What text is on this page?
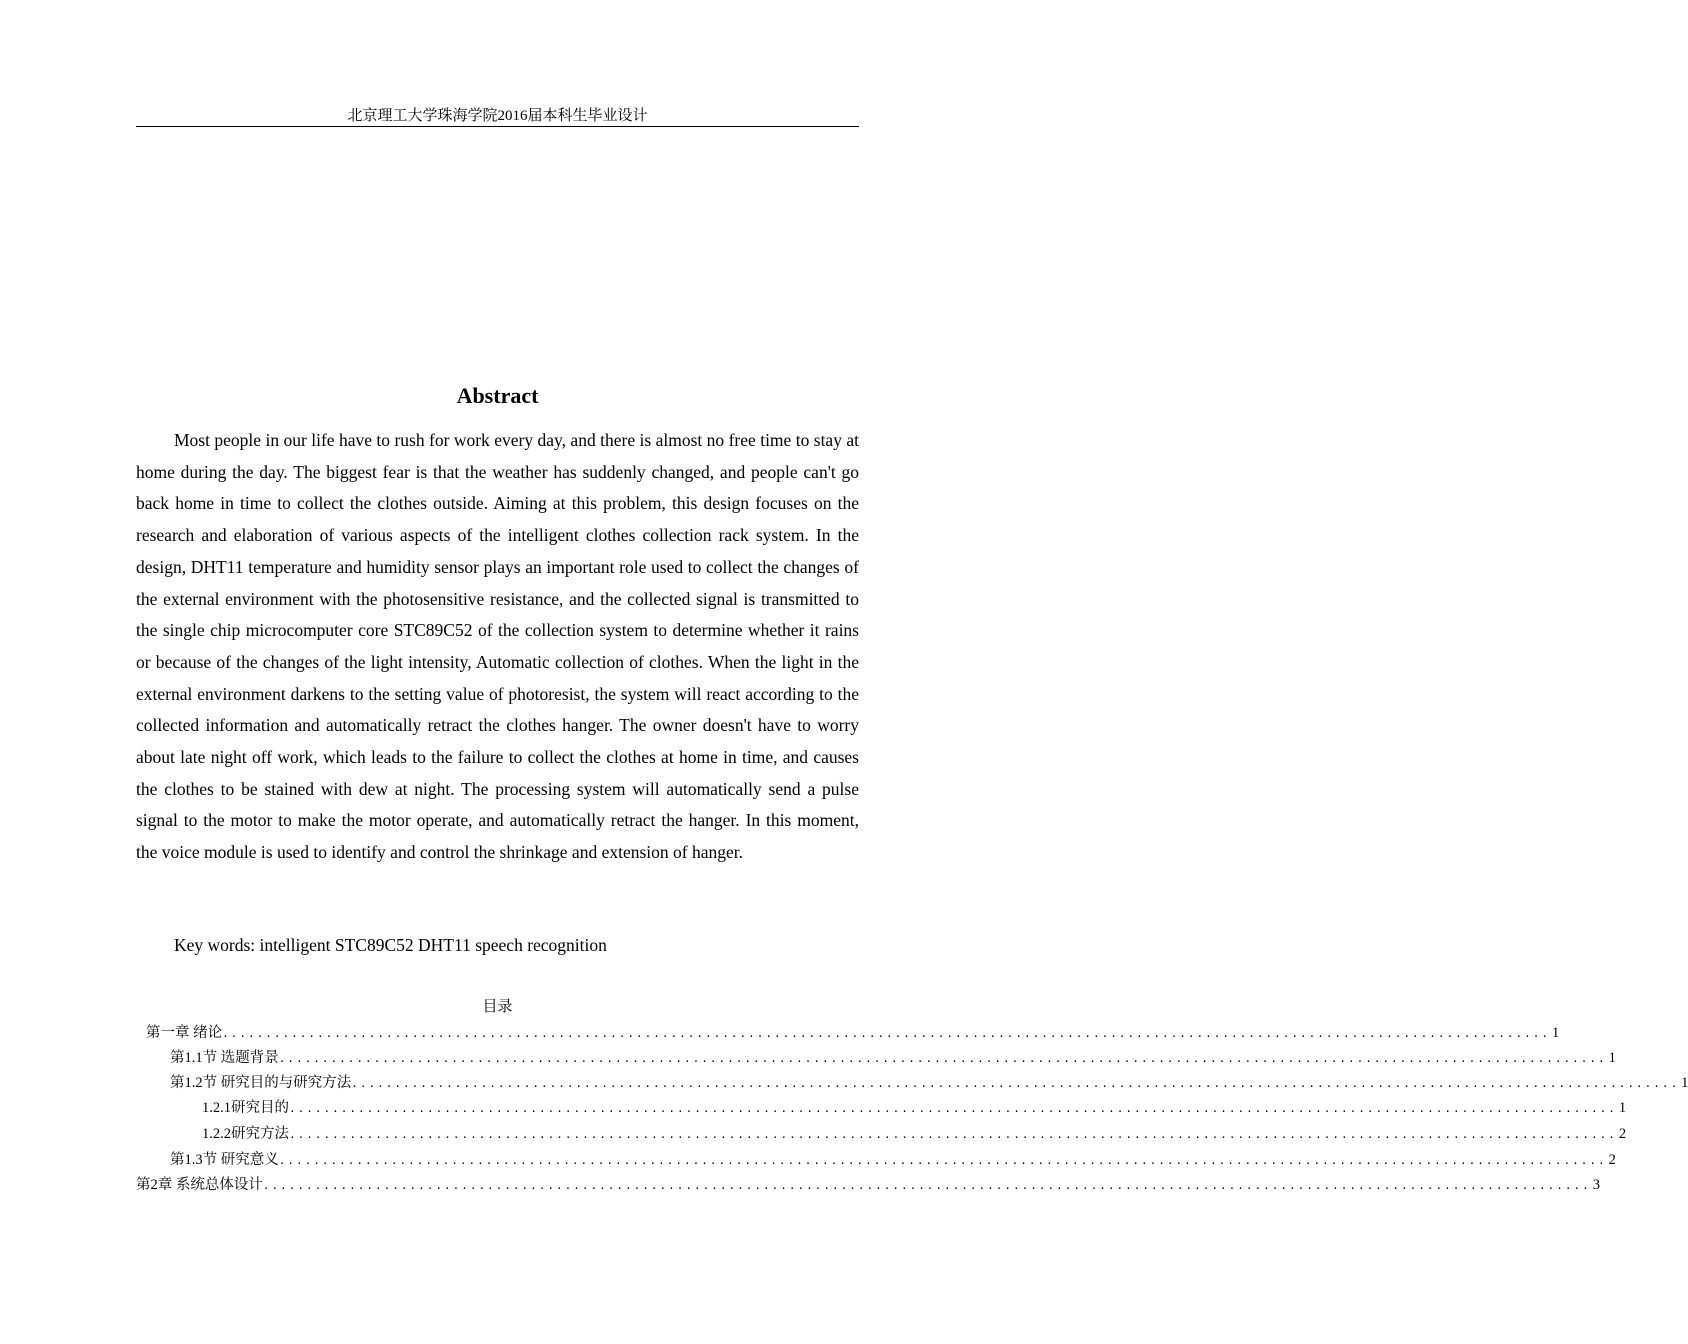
北京理工大学珠海学院2016届本科生毕业设计
Abstract

Most people in our life have to rush for work every day, and there is almost no free time to stay at home during the day. The biggest fear is that the weather has suddenly changed, and people can't go back home in time to collect the clothes outside. Aiming at this problem, this design focuses on the research and elaboration of various aspects of the intelligent clothes collection rack system. In the design, DHT11 temperature and humidity sensor plays an important role used to collect the changes of the external environment with the photosensitive resistance, and the collected signal is transmitted to the single chip microcomputer core STC89C52 of the collection system to determine whether it rains or because of the changes of the light intensity, Automatic collection of clothes. When the light in the external environment darkens to the setting value of photoresist, the system will react according to the collected information and automatically retract the clothes hanger. The owner doesn't have to worry about late night off work, which leads to the failure to collect the clothes at home in time, and causes the clothes to be stained with dew at night. The processing system will automatically send a pulse signal to the motor to make the motor operate, and automatically retract the hanger. In this moment, the voice module is used to identify and control the shrinkage and extension of hanger.

Key words: intelligent STC89C52 DHT11 speech recognition
目录
第一章 绪论 .......................................................................................................................................................... 1
第1.1节 选题背景 .......................................................................................................................................................... 1
第1.2节 研究目的与研究方法 .......................................................................................................................................................... 1
1.2.1研究目的 .......................................................................................................................................................... 1
1.2.2研究方法 .......................................................................................................................................................... 2
第1.3节 研究意义 .......................................................................................................................................................... 2
第2章 系统总体设计 .......................................................................................................................................................... 3
